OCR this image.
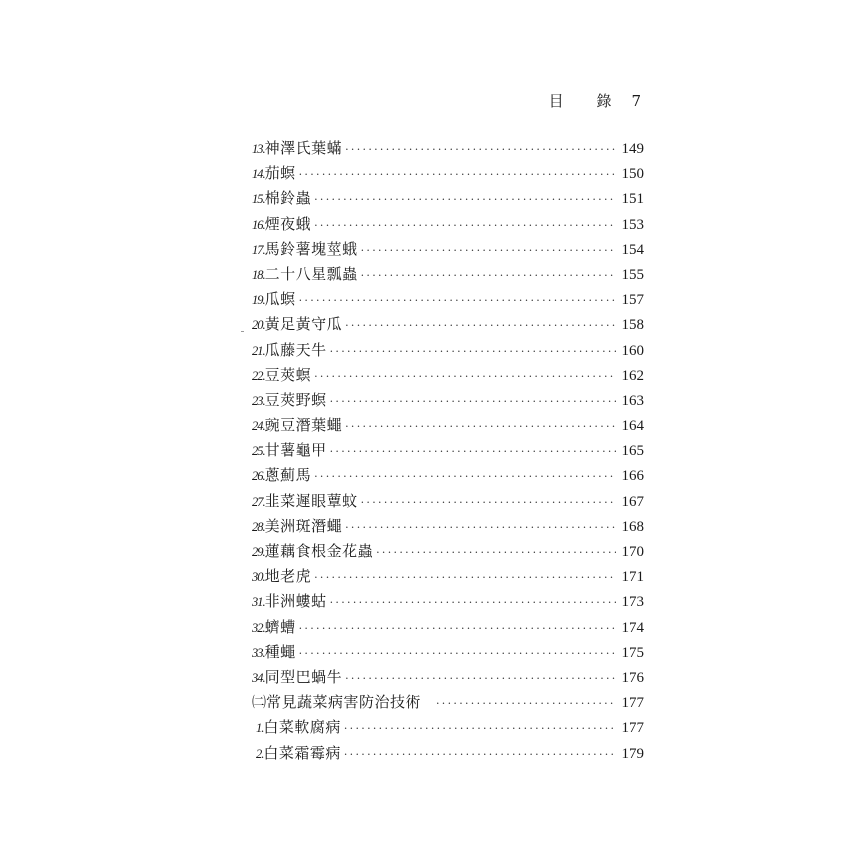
目 錄 7
13. 神澤氏葉蟎 ·····	149
14. 茄螟 ·····	150
15. 棉鈴蟲 ·····	151
16. 煙夜蛾 ·····	153
17. 馬鈴薯塊莖蛾 ·····	154
18. 二十八星瓢蟲 ·····	155
19. 瓜螟 ·····	157
20. 黃足黃守瓜 ·····	158
21. 瓜藤天牛 ·····	160
22. 豆莢螟 ·····	162
23. 豆莢野螟 ·····	163
24. 豌豆潛葉蠅 ·····	164
25. 甘薯龜甲 ·····	165
26. 蔥薊馬 ·····	166
27. 韭菜遲眼蕈蚊 ·····	167
28. 美洲斑潛蠅 ·····	168
29. 蓮藕食根金花蟲 ·····	170
30. 地老虎 ·····	171
31. 非洲螻蛄 ·····	173
32. 蠐螬 ·····	174
33. 種蠅 ·····	175
34. 同型巴蝸牛 ·····	176
㈡ 常見蔬菜病害防治技術 ·····	177
1. 白菜軟腐病 ·····	177
2. 白菜霜霉病 ·····	179
